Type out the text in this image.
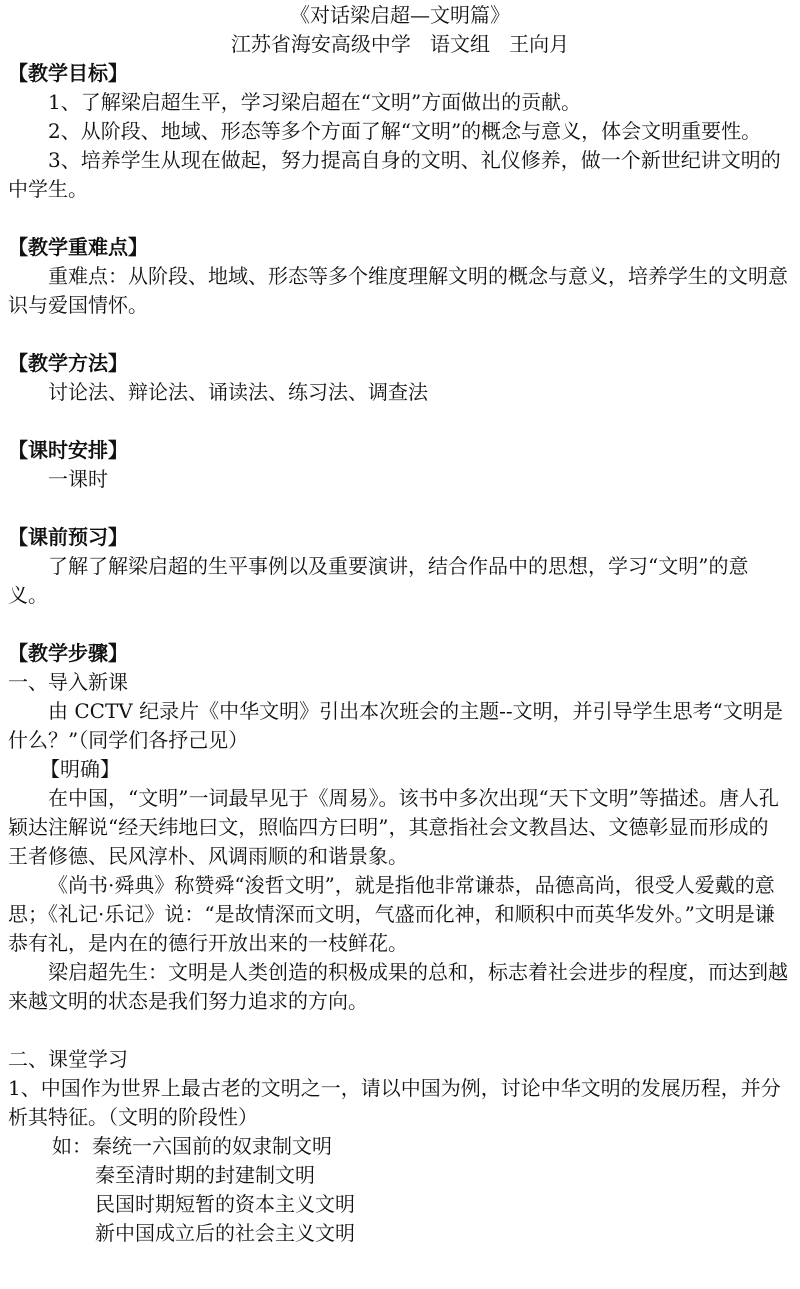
《对话梁启超—文明篇》
江苏省海安高级中学   语文组   王向月
【教学目标】

1、了解梁启超生平，学习梁启超在“文明”方面做出的贡献。

2、从阶段、地域、形态等多个方面了解“文明”的概念与意义，体会文明重要性。

3、培养学生从现在做起，努力提高自身的文明、礼仪修养，做一个新世纪讲文明的中学生。

【教学重难点】

重难点：从阶段、地域、形态等多个维度理解文明的概念与意义，培养学生的文明意识与爱国情怀。

【教学方法】

讨论法、辩论法、诵读法、练习法、调查法

【课时安排】

一课时

【课前预习】

了解了解梁启超的生平事例以及重要演讲，结合作品中的思想，学习“文明”的意义。

【教学步骤】

一、导入新课

由 CCTV 纪录片《中华文明》引出本次班会的主题--文明，并引导学生思考“文明是什么？”（同学们各抒己见）

【明确】

在中国，“文明”一词最早见于《周易》。该书中多次出现“天下文明”等描述。唐人孔颖达注解说“经天纬地曰文，照临四方曰明”，其意指社会文教昌达、文德彰显而形成的王者修德、民风淳朴、风调雨顺的和谐景象。

《尚书·舜典》称赞舜“浚哲文明”，就是指他非常谦恭，品德高尚，很受人爱戴的意思；《礼记·乐记》说：“是故情深而文明，气盛而化神，和顺积中而英华发外。”文明是谦恭有礼，是内在的德行开放出来的一枝鲜花。

梁启超先生：文明是人类创造的积极成果的总和，标志着社会进步的程度，而达到越来越文明的状态是我们努力追求的方向。

二、课堂学习

1、中国作为世界上最古老的文明之一，请以中国为例，讨论中华文明的发展历程，并分析其特征。（文明的阶段性）

如：秦统一六国前的奴隶制文明

秦至清时期的封建制文明

民国时期短暂的资本主义文明

新中国成立后的社会主义文明
